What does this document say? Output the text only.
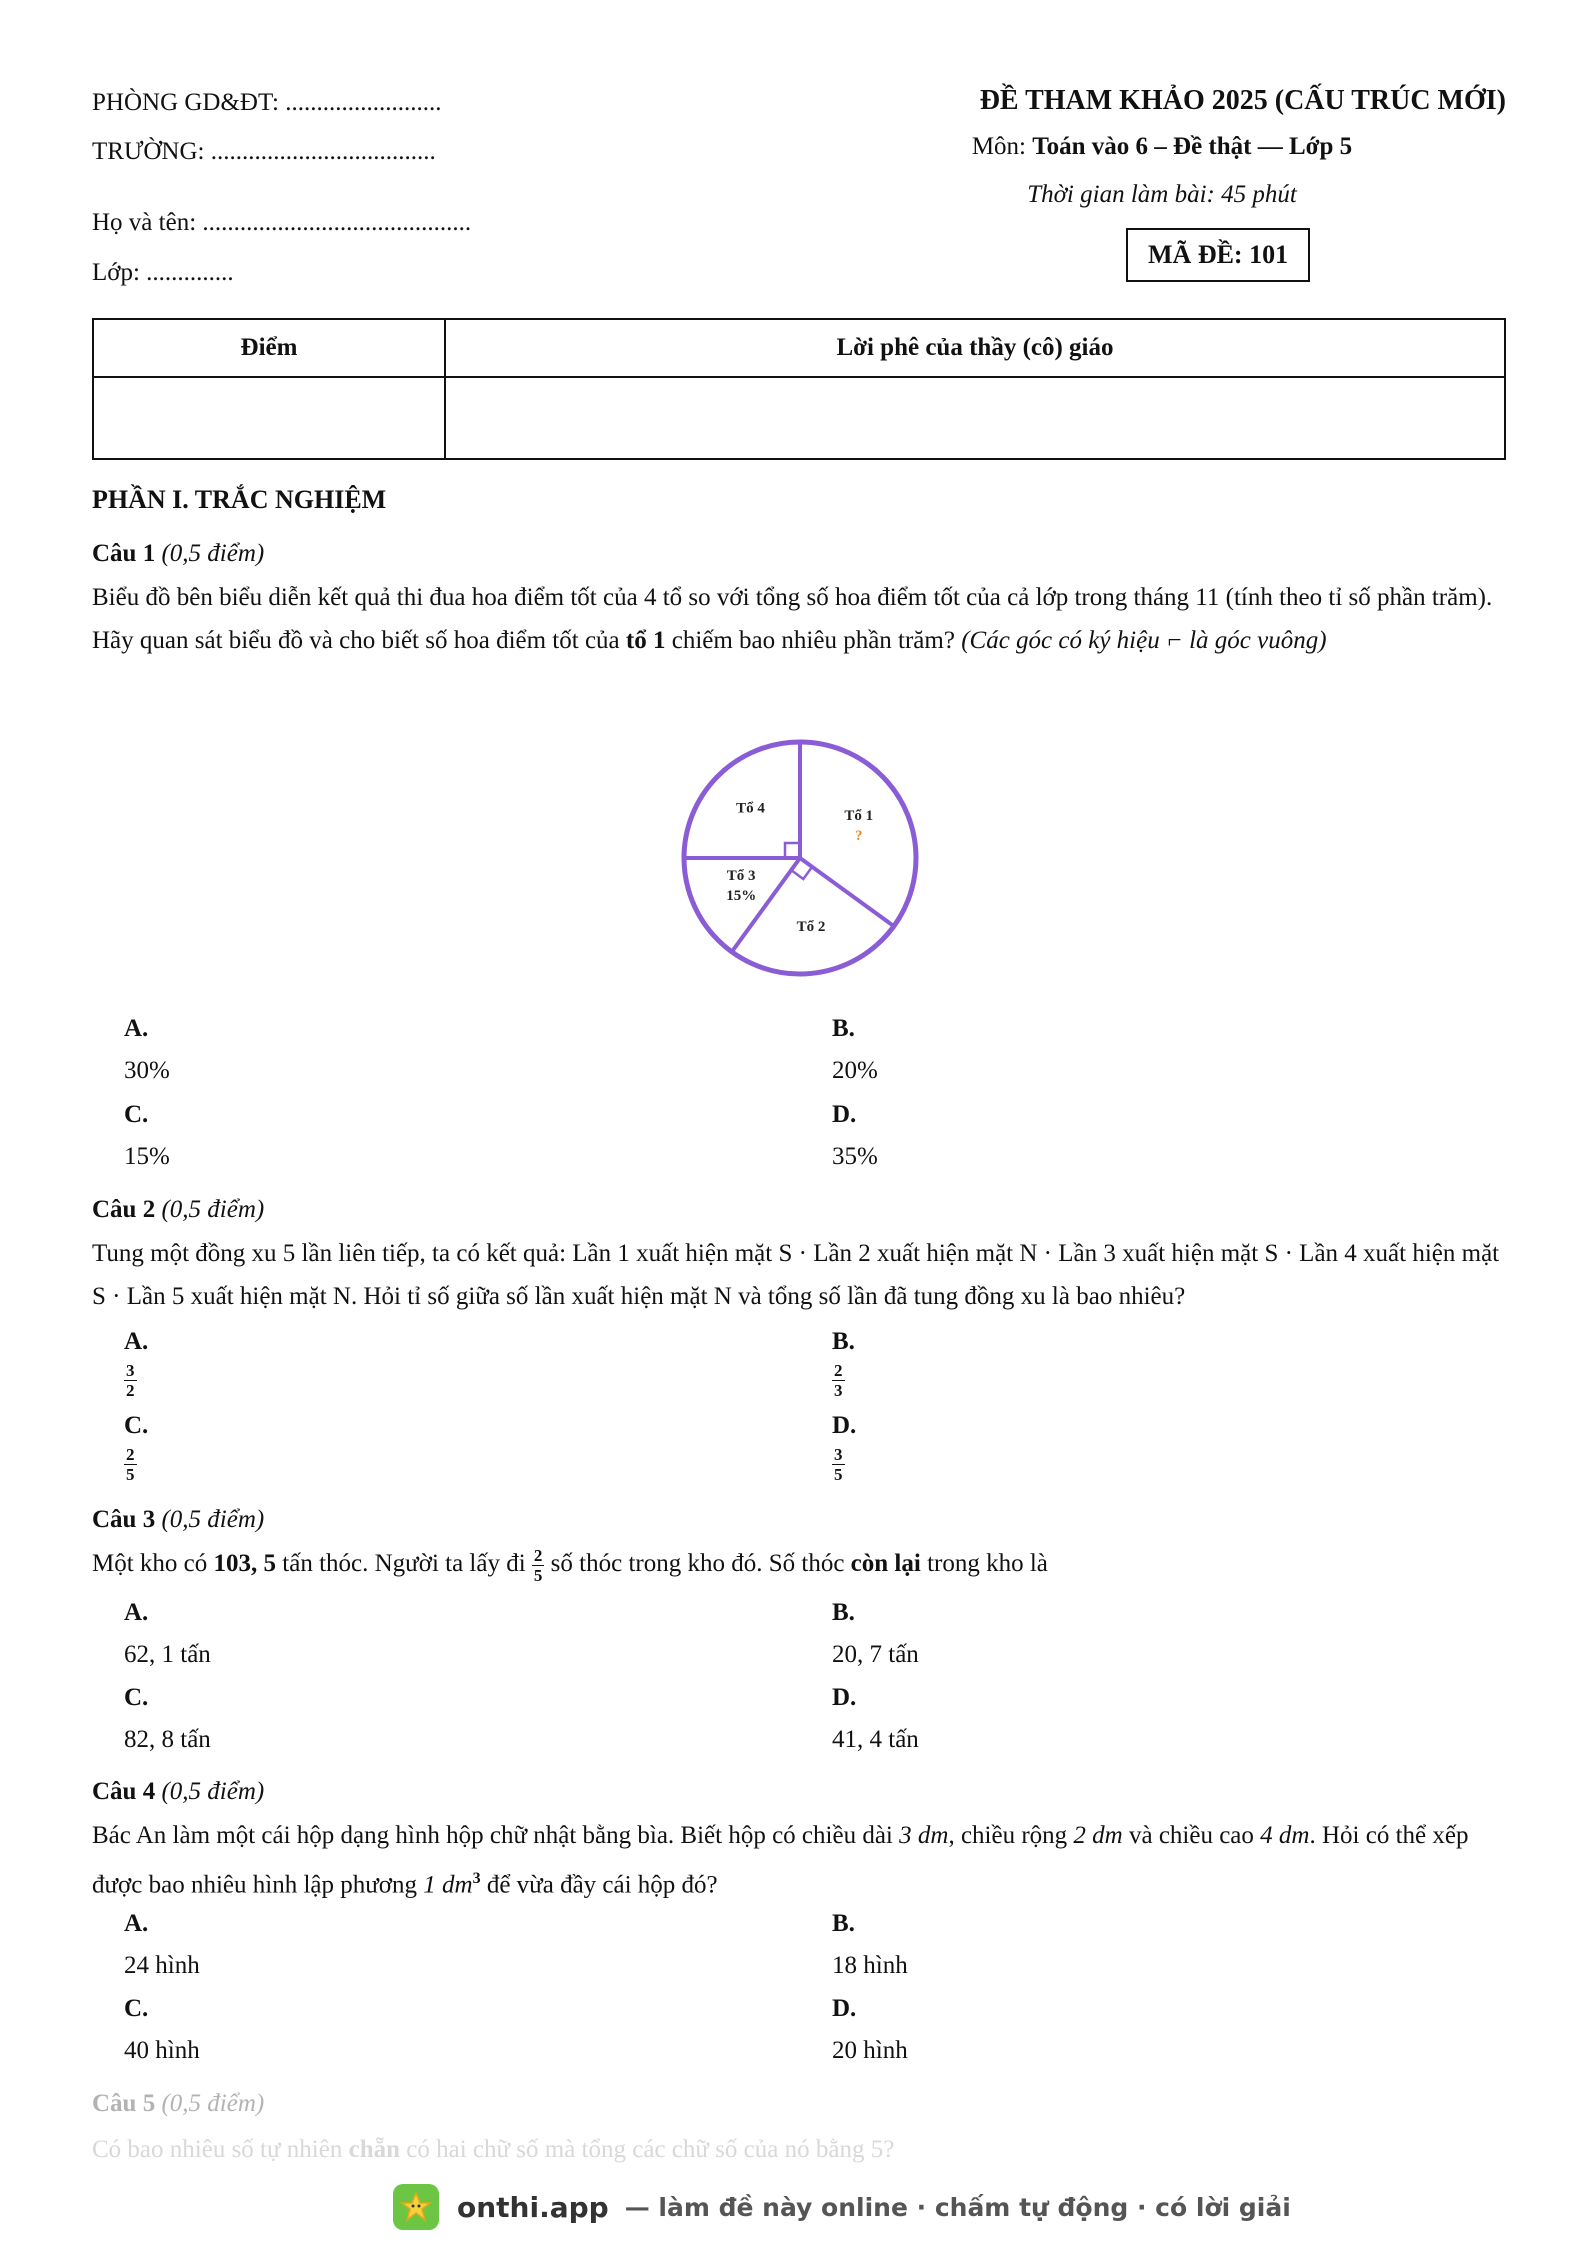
PHÒNG GD&ĐT: .........................
TRƯỜNG: ....................................
Họ và tên: ...........................................
Lớp: ..............
ĐỀ THAM KHẢO 2025 (CẤU TRÚC MỚI)
Môn: Toán vào 6 – Đề thật — Lớp 5
Thời gian làm bài: 45 phút
MÃ ĐỀ: 101
Điểm	Lời phê của thầy (cô) giáo

PHẦN I. TRẮC NGHIỆM
Câu 1 (0,5 điểm)
Biểu đồ bên biểu diễn kết quả thi đua hoa điểm tốt của 4 tổ so với tổng số hoa điểm tốt của cả lớp trong tháng 11 (tính theo tỉ số phần trăm). Hãy quan sát biểu đồ và cho biết số hoa điểm tốt của tổ 1 chiếm bao nhiêu phần trăm? (Các góc có ký hiệu ⌐ là góc vuông)
Tổ 1
?
Tổ 2
Tổ 3
15%
Tổ 4
A.
30%
B.
20%
C.
15%
D.
35%
Câu 2 (0,5 điểm)
Tung một đồng xu 5 lần liên tiếp, ta có kết quả: Lần 1 xuất hiện mặt S · Lần 2 xuất hiện mặt N · Lần 3 xuất hiện mặt S · Lần 4 xuất hiện mặt S · Lần 5 xuất hiện mặt N. Hỏi tỉ số giữa số lần xuất hiện mặt N và tổng số lần đã tung đồng xu là bao nhiêu?
A.
$\frac{3}{2}$
B.
$\frac{2}{3}$
C.
$\frac{2}{5}$
D.
$\frac{3}{5}$
Câu 3 (0,5 điểm)
Một kho có 103, 5 tấn thóc. Người ta lấy đi $\frac{2}{5}$ số thóc trong kho đó. Số thóc còn lại trong kho là
A.
62, 1 tấn
B.
20, 7 tấn
C.
82, 8 tấn
D.
41, 4 tấn
Câu 4 (0,5 điểm)
Bác An làm một cái hộp dạng hình hộp chữ nhật bằng bìa. Biết hộp có chiều dài 3 dm, chiều rộng 2 dm và chiều cao 4 dm. Hỏi có thể xếp được bao nhiêu hình lập phương 1 $dm^3$ để vừa đầy cái hộp đó?
A.
24 hình
B.
18 hình
C.
40 hình
D.
20 hình
Câu 5 (0,5 điểm)
Có bao nhiêu số tự nhiên chẵn có hai chữ số mà tổng các chữ số của nó bằng 5?
onthi.app — làm đề này online · chấm tự động · có lời giải
